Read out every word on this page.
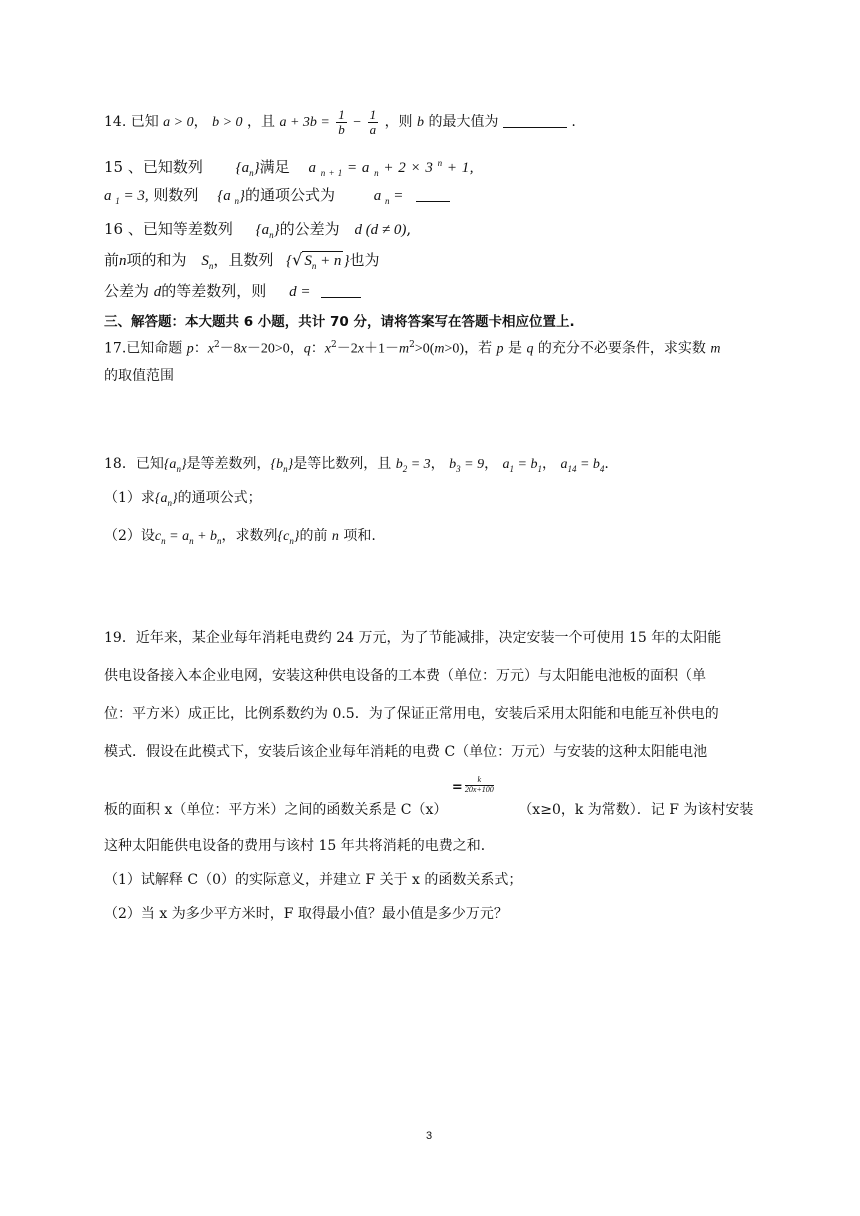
14. 已知 a > 0， b > 0 ，且 $a + 3b = \frac{1}{b} - \frac{1}{a}$ ，则 b 的最大值为	.
15 、已知数列 $\{a_n\}$满足 a $_{n + 1}$ = a $_n$ + 2 × 3 $^n$ + 1,
a $_1$ = 3, 则数列 {a $_n$}的通项公式为	a $_n$ =
16 、已知等差数列 $\{a_n\}$的公差为 d (d ≠ 0),
前n项的和为 $S_n$，且数列 {√ $S_n + n$ }也为
公差为 d的等差数列，则 d =
三、解答题：本大题共 6 小题，共计 70 分，请将答案写在答题卡相应位置上.
17.已知命题 p：$x^2-8x-20>0$，q：$x^2-2x+1-m^2>0(m>0)$，若 p 是 q 的充分不必要条件，求实数 m
的取值范围
18．已知$\{a_n\}$是等差数列，$\{b_n\}$是等比数列，且 $b_2 = 3$， $b_3 = 9$， $a_1 = b_1$， $a_{14} = b_4$.
（1）求$\{a_n\}$的通项公式；
（2）设$c_n = a_n + b_n$，求数列$\{c_n\}$的前 n 项和.
19．近年来，某企业每年消耗电费约 24 万元，为了节能减排，决定安装一个可使用 15 年的太阳能
供电设备接入本企业电网，安装这种供电设备的工本费（单位：万元）与太阳能电池板的面积（单
位：平方米）成正比，比例系数约为 0.5．为了保证正常用电，安装后采用太阳能和电能互补供电的
模式．假设在此模式下，安装后该企业每年消耗的电费 C（单位：万元）与安装的这种太阳能电池
板的面积 x（单位：平方米）之间的函数关系是 C（x）
= $\frac{k}{20x+100}$
（x≥0，k 为常数）．记 F 为该村安装
这种太阳能供电设备的费用与该村 15 年共将消耗的电费之和．
（1）试解释 C（0）的实际意义，并建立 F 关于 x 的函数关系式；
（2）当 x 为多少平方米时，F 取得最小值？最小值是多少万元？
3
